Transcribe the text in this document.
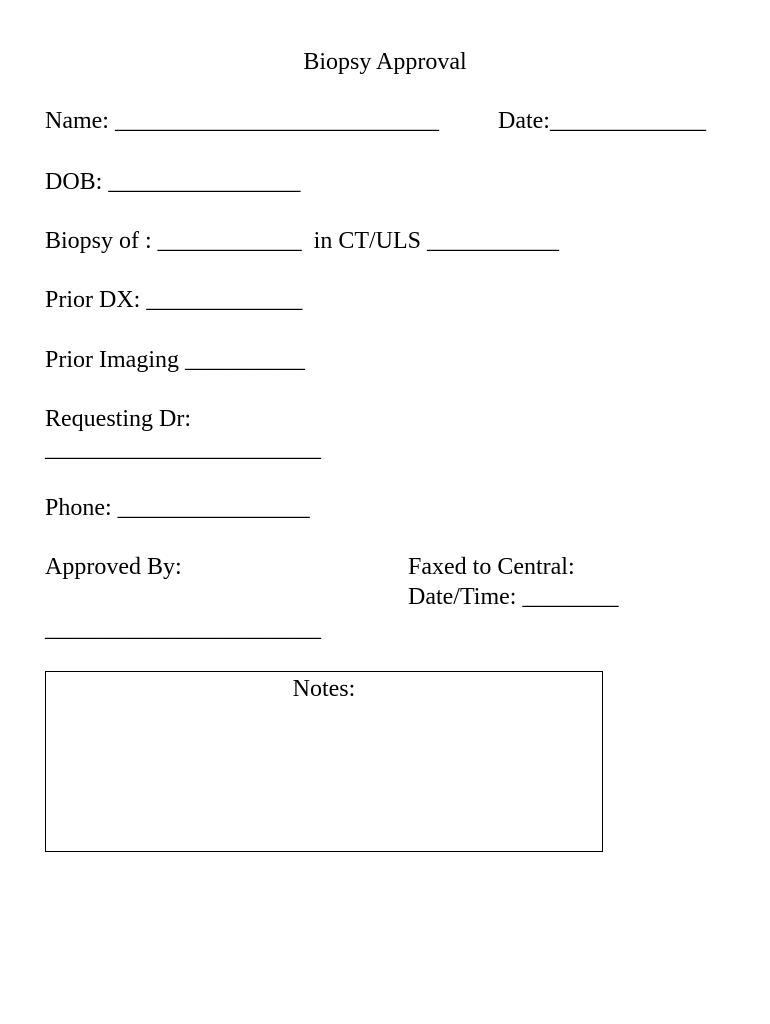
Biopsy Approval
Name: ___________________________ Date:_____________
DOB: ________________
Biopsy of : ____________  in CT/ULS ___________
Prior DX: _____________
Prior Imaging __________
Requesting Dr:
_______________________
Phone: ________________
Approved By:	Faxed to Central:
Date/Time: ________
_______________________
Notes:
